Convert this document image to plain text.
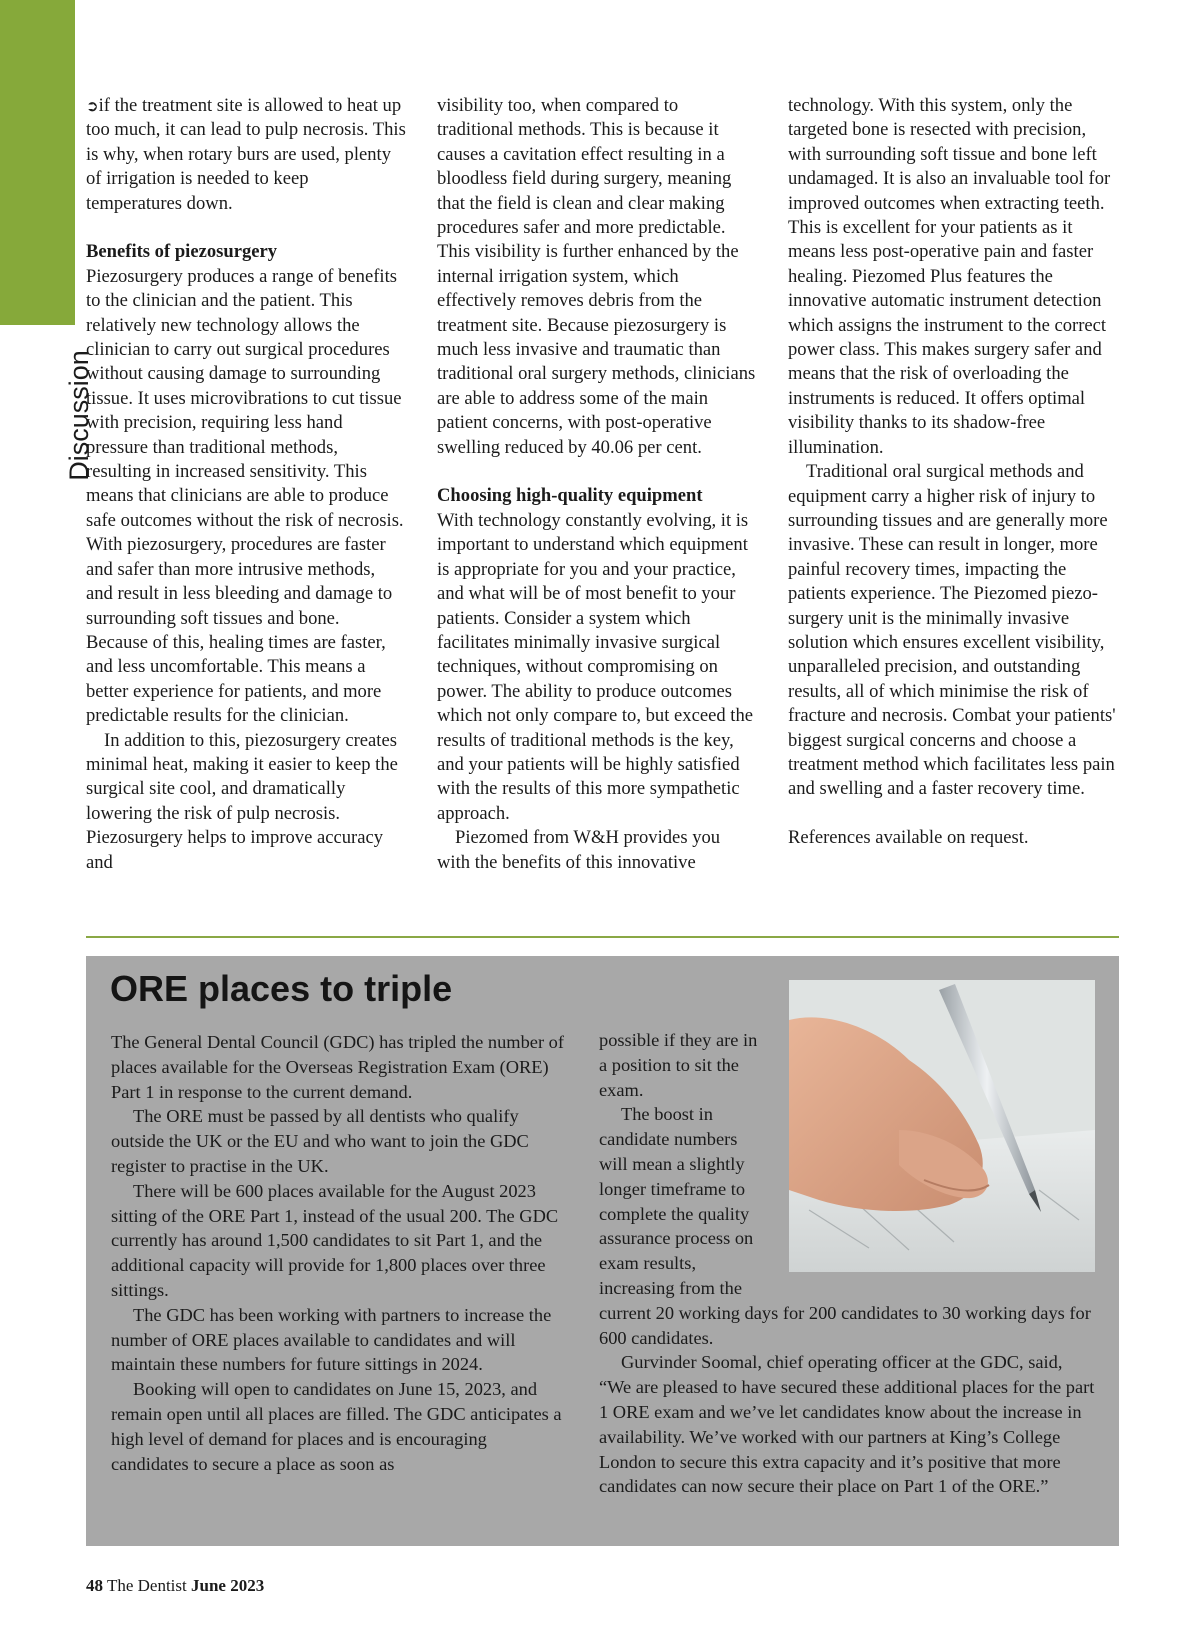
Discussion

➲if the treatment site is allowed to heat up too much, it can lead to pulp necrosis. This is why, when rotary burs are used, plenty of irrigation is needed to keep temperatures down.

Benefits of piezosurgery

Piezosurgery produces a range of benefits to the clinician and the patient. This relatively new technology allows the clinician to carry out surgical procedures without causing damage to surrounding tissue. It uses microvibrations to cut tissue with precision, requiring less hand pressure than traditional methods, resulting in increased sensitivity. This means that clinicians are able to produce safe outcomes without the risk of necrosis. With piezosurgery, procedures are faster and safer than more intrusive methods, and result in less bleeding and damage to surrounding soft tissues and bone. Because of this, healing times are faster, and less uncomfortable. This means a better experience for patients, and more predictable results for the clinician.

In addition to this, piezosurgery creates minimal heat, making it easier to keep the surgical site cool, and dramatically lowering the risk of pulp necrosis. Piezosurgery helps to improve accuracy and

visibility too, when compared to traditional methods. This is because it causes a cavitation effect resulting in a bloodless field during surgery, meaning that the field is clean and clear making procedures safer and more predictable. This visibility is further enhanced by the internal irrigation system, which effectively removes debris from the treatment site. Because piezosurgery is much less invasive and traumatic than traditional oral surgery methods, clinicians are able to address some of the main patient concerns, with post-operative swelling reduced by 40.06 per cent.

Choosing high-quality equipment

With technology constantly evolving, it is important to understand which equipment is appropriate for you and your practice, and what will be of most benefit to your patients. Consider a system which facilitates minimally invasive surgical techniques, without compromising on power. The ability to produce outcomes which not only compare to, but exceed the results of traditional methods is the key, and your patients will be highly satisfied with the results of this more sympathetic approach.

Piezomed from W&H provides you with the benefits of this innovative

technology. With this system, only the targeted bone is resected with precision, with surrounding soft tissue and bone left undamaged. It is also an invaluable tool for improved outcomes when extracting teeth. This is excellent for your patients as it means less post-operative pain and faster healing. Piezomed Plus features the innovative automatic instrument detection which assigns the instrument to the correct power class. This makes surgery safer and means that the risk of overloading the instruments is reduced. It offers optimal visibility thanks to its shadow-free illumination.

Traditional oral surgical methods and equipment carry a higher risk of injury to surrounding tissues and are generally more invasive. These can result in longer, more painful recovery times, impacting the patients experience. The Piezomed piezo-surgery unit is the minimally invasive solution which ensures excellent visibility, unparalleled precision, and outstanding results, all of which minimise the risk of fracture and necrosis. Combat your patients' biggest surgical concerns and choose a treatment method which facilitates less pain and swelling and a faster recovery time.

References available on request.

ORE places to triple

The General Dental Council (GDC) has tripled the number of places available for the Overseas Registration Exam (ORE) Part 1 in response to the current demand.

The ORE must be passed by all dentists who qualify outside the UK or the EU and who want to join the GDC register to practise in the UK.

There will be 600 places available for the August 2023 sitting of the ORE Part 1, instead of the usual 200. The GDC currently has around 1,500 candidates to sit Part 1, and the additional capacity will provide for 1,800 places over three sittings.

The GDC has been working with partners to increase the number of ORE places available to candidates and will maintain these numbers for future sittings in 2024.

Booking will open to candidates on June 15, 2023, and remain open until all places are filled. The GDC anticipates a high level of demand for places and is encouraging candidates to secure a place as soon as

possible if they are in a position to sit the exam.

The boost in candidate numbers will mean a slightly longer timeframe to complete the quality assurance process on exam results, increasing from the

current 20 working days for 200 candidates to 30 working days for 600 candidates.

Gurvinder Soomal, chief operating officer at the GDC, said, “We are pleased to have secured these additional places for the part 1 ORE exam and we’ve let candidates know about the increase in availability. We’ve worked with our partners at King’s College London to secure this extra capacity and it’s positive that more candidates can now secure their place on Part 1 of the ORE.”

48 The Dentist June 2023
